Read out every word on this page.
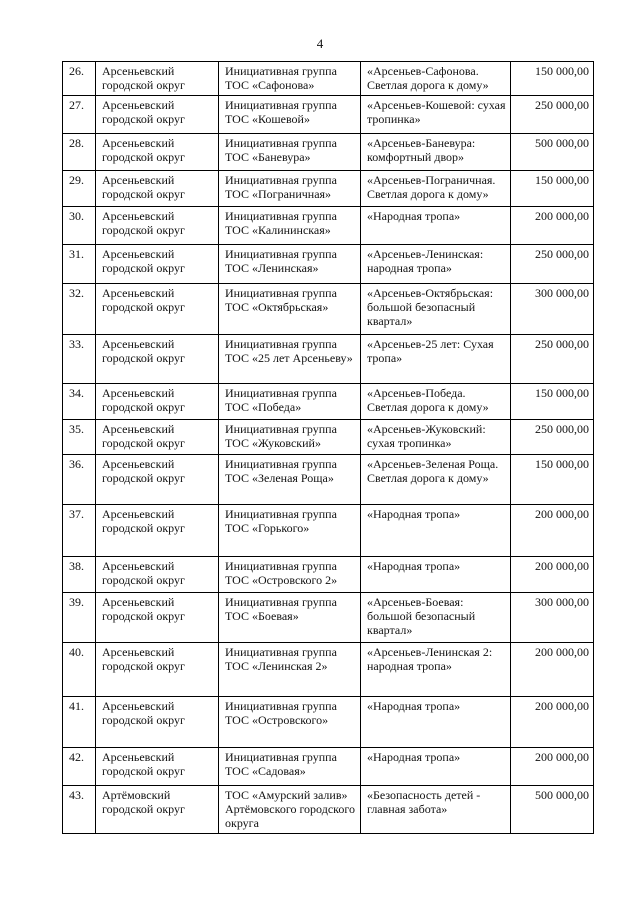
4
26.	Арсеньевский городской округ	Инициативная группа ТОС «Сафонова»	«Арсеньев-Сафонова. Светлая дорога к дому»	150 000,00
27.	Арсеньевский городской округ	Инициативная группа ТОС «Кошевой»	«Арсеньев-Кошевой: сухая тропинка»	250 000,00
28.	Арсеньевский городской округ	Инициативная группа ТОС «Баневура»	«Арсеньев-Баневура: комфортный двор»	500 000,00
29.	Арсеньевский городской округ	Инициативная группа ТОС «Пограничная»	«Арсеньев-Пограничная. Светлая дорога к дому»	150 000,00
30.	Арсеньевский городской округ	Инициативная группа ТОС «Калининская»	«Народная тропа»	200 000,00
31.	Арсеньевский городской округ	Инициативная группа ТОС «Ленинская»	«Арсеньев-Ленинская: народная тропа»	250 000,00
32.	Арсеньевский городской округ	Инициативная группа ТОС «Октябрьская»	«Арсеньев-Октябрьская: большой безопасный квартал»	300 000,00
33.	Арсеньевский городской округ	Инициативная группа ТОС «25 лет Арсеньеву»	«Арсеньев-25 лет: Сухая тропа»	250 000,00
34.	Арсеньевский городской округ	Инициативная группа ТОС «Победа»	«Арсеньев-Победа. Светлая дорога к дому»	150 000,00
35.	Арсеньевский городской округ	Инициативная группа ТОС «Жуковский»	«Арсеньев-Жуковский: сухая тропинка»	250 000,00
36.	Арсеньевский городской округ	Инициативная группа ТОС «Зеленая Роща»	«Арсеньев-Зеленая Роща. Светлая дорога к дому»	150 000,00
37.	Арсеньевский городской округ	Инициативная группа ТОС «Горького»	«Народная тропа»	200 000,00
38.	Арсеньевский городской округ	Инициативная группа ТОС «Островского 2»	«Народная тропа»	200 000,00
39.	Арсеньевский городской округ	Инициативная группа ТОС «Боевая»	«Арсеньев-Боевая: большой безопасный квартал»	300 000,00
40.	Арсеньевский городской округ	Инициативная группа ТОС «Ленинская 2»	«Арсеньев-Ленинская 2: народная тропа»	200 000,00
41.	Арсеньевский городской округ	Инициативная группа ТОС «Островского»	«Народная тропа»	200 000,00
42.	Арсеньевский городской округ	Инициативная группа ТОС «Садовая»	«Народная тропа»	200 000,00
43.	Артёмовский городской округ	ТОС «Амурский залив» Артёмовского городского округа	«Безопасность детей - главная забота»	500 000,00
